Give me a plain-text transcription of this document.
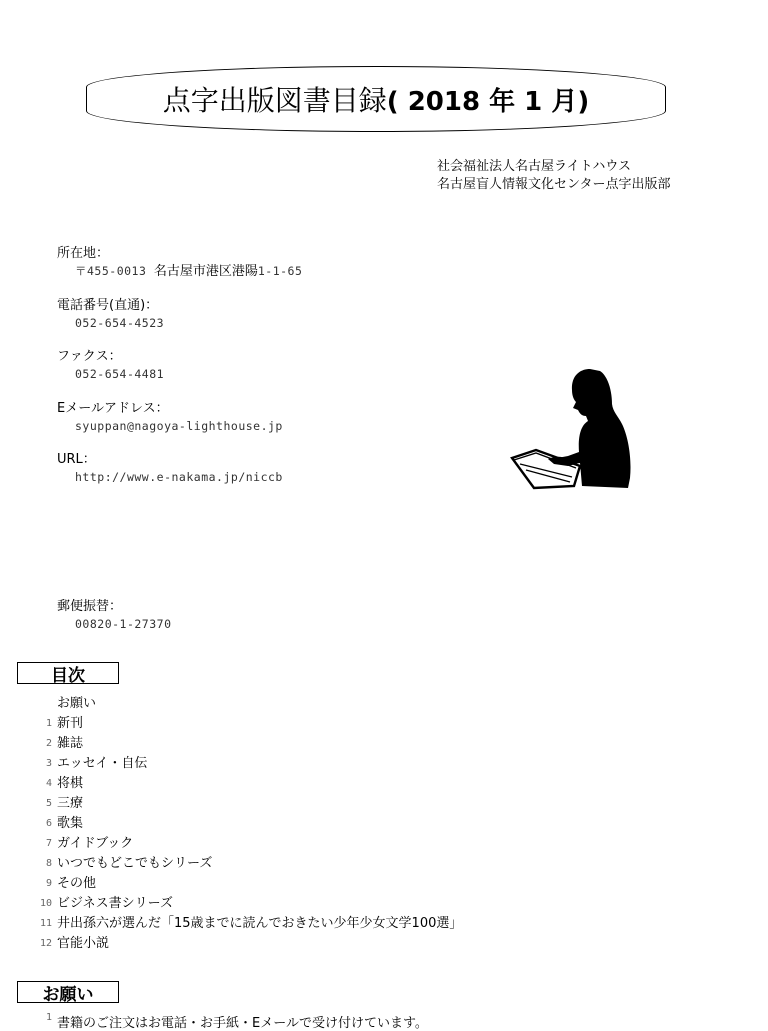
点字出版図書目録 ( 2018 年 1 月)
社会福祉法人名古屋ライトハウス
名古屋盲人情報文化センター点字出版部
所在地：
〒455-0013 名古屋市港区港陽1-1-65
電話番号(直通)：
052-654-4523
ファクス：
052-654-4481
Eメールアドレス：
syuppan@nagoya-lighthouse.jp
URL：
http://www.e-nakama.jp/niccb
郵便振替：
00820-1-27370
目次
お願い
1 新刊
2 雑誌
3 エッセイ・自伝
4 将棋
5 三療
6 歌集
7 ガイドブック
8 いつでもどこでもシリーズ
9 その他
10 ビジネス書シリーズ
11 井出孫六が選んだ「15歳までに読んでおきたい少年少女文学100選」
12 官能小説
お願い
1 書籍のご注文はお電話・お手紙・Eメールで受け付けています。
